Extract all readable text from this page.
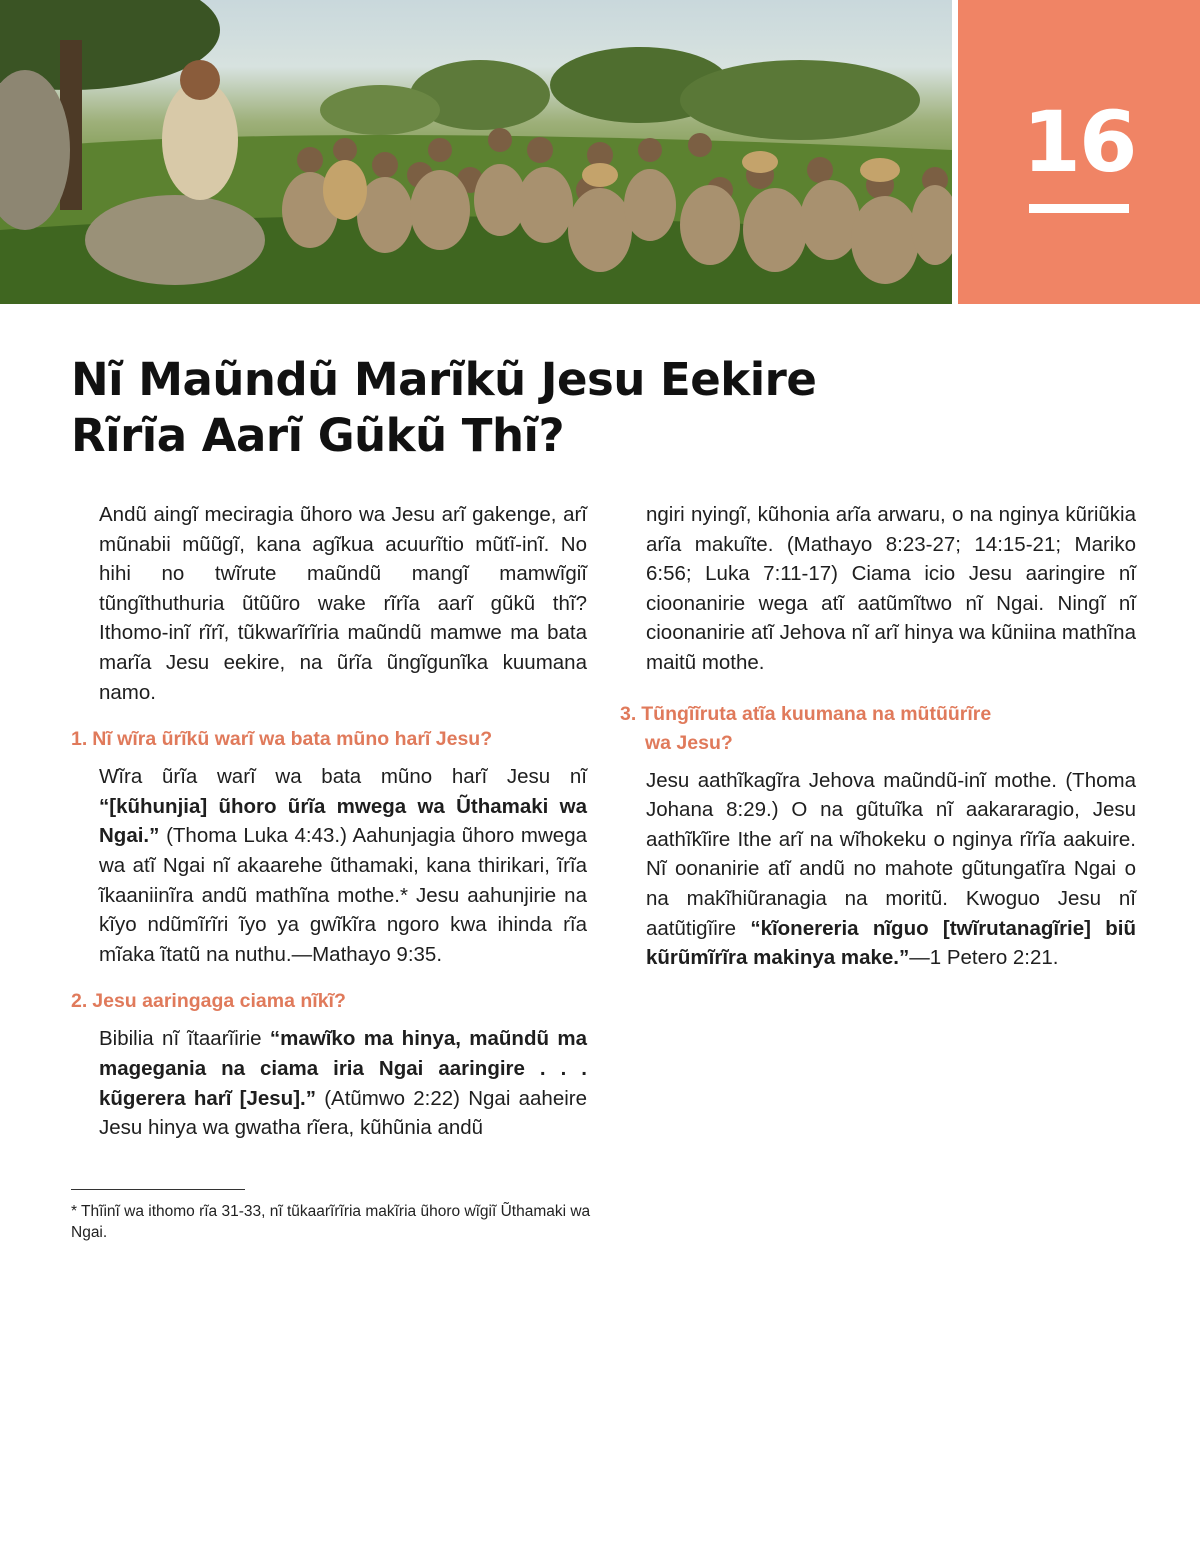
16
Nĩ Maũndũ Marĩkũ Jesu Eekire
Rĩrĩa Aarĩ Gũkũ Thĩ?

Andũ aingĩ meciragia ũhoro wa Jesu arĩ gakenge, arĩ mũnabii mũũgĩ, kana agĩkua acuurĩtio mũtĩ-inĩ. No hihi no twĩrute maũndũ mangĩ mamwĩgiĩ tũngĩthuthuria ũtũũro wake rĩrĩa aarĩ gũkũ thĩ? Ithomo-inĩ rĩrĩ, tũkwarĩrĩria maũndũ mamwe ma bata marĩa Jesu eekire, na ũrĩa ũngĩgunĩka kuumana namo.

1. Nĩ wĩra ũrĩkũ warĩ wa bata mũno harĩ Jesu?

Wĩra ũrĩa warĩ wa bata mũno harĩ Jesu nĩ “[kũhunjia] ũhoro ũrĩa mwega wa Ũthamaki wa Ngai.” (Thoma Luka 4:43.) Aahunjagia ũhoro mwega wa atĩ Ngai nĩ akaarehe ũthamaki, kana thirikari, ĩrĩa ĩkaaniinĩra andũ mathĩna mothe.* Jesu aahunjirie na kĩyo ndũmĩrĩri ĩyo ya gwĩkĩra ngoro kwa ihinda rĩa mĩaka ĩtatũ na nuthu.—Mathayo 9:35.

2. Jesu aaringaga ciama nĩkĩ?

Bibilia nĩ ĩtaarĩirie “mawĩko ma hinya, maũndũ ma magegania na ciama iria Ngai aaringire . . . kũgerera harĩ [Jesu].” (Atũmwo 2:22) Ngai aaheire Jesu hinya wa gwatha rĩera, kũhũnia andũ

* Thĩinĩ wa ithomo rĩa 31-33, nĩ tũkaarĩrĩria makĩria ũhoro wĩgiĩ Ũthamaki wa Ngai.

ngiri nyingĩ, kũhonia arĩa arwaru, o na nginya kũriũkia arĩa makuĩte. (Mathayo 8:23-27; 14:15-21; Mariko 6:56; Luka 7:11-17) Ciama icio Jesu aaringire nĩ cioonanirie wega atĩ aatũmĩtwo nĩ Ngai. Ningĩ nĩ cioonanirie atĩ Jehova nĩ arĩ hinya wa kũniina mathĩna maitũ mothe.

3. Tũngĩĩruta atĩa kuumana na mũtũũrĩre
wa Jesu?

Jesu aathĩkagĩra Jehova maũndũ-inĩ mothe. (Thoma Johana 8:29.) O na gũtuĩka nĩ aakararagio, Jesu aathĩkĩire Ithe arĩ na wĩhokeku o nginya rĩrĩa aakuire. Nĩ oonanirie atĩ andũ no mahote gũtungatĩra Ngai o na makĩhiũranagia na moritũ. Kwoguo Jesu nĩ aatũtigĩire “kĩonereria nĩguo [twĩrutanagĩrie] biũ kũrũmĩrĩra makinya make.”—1 Petero 2:21.
